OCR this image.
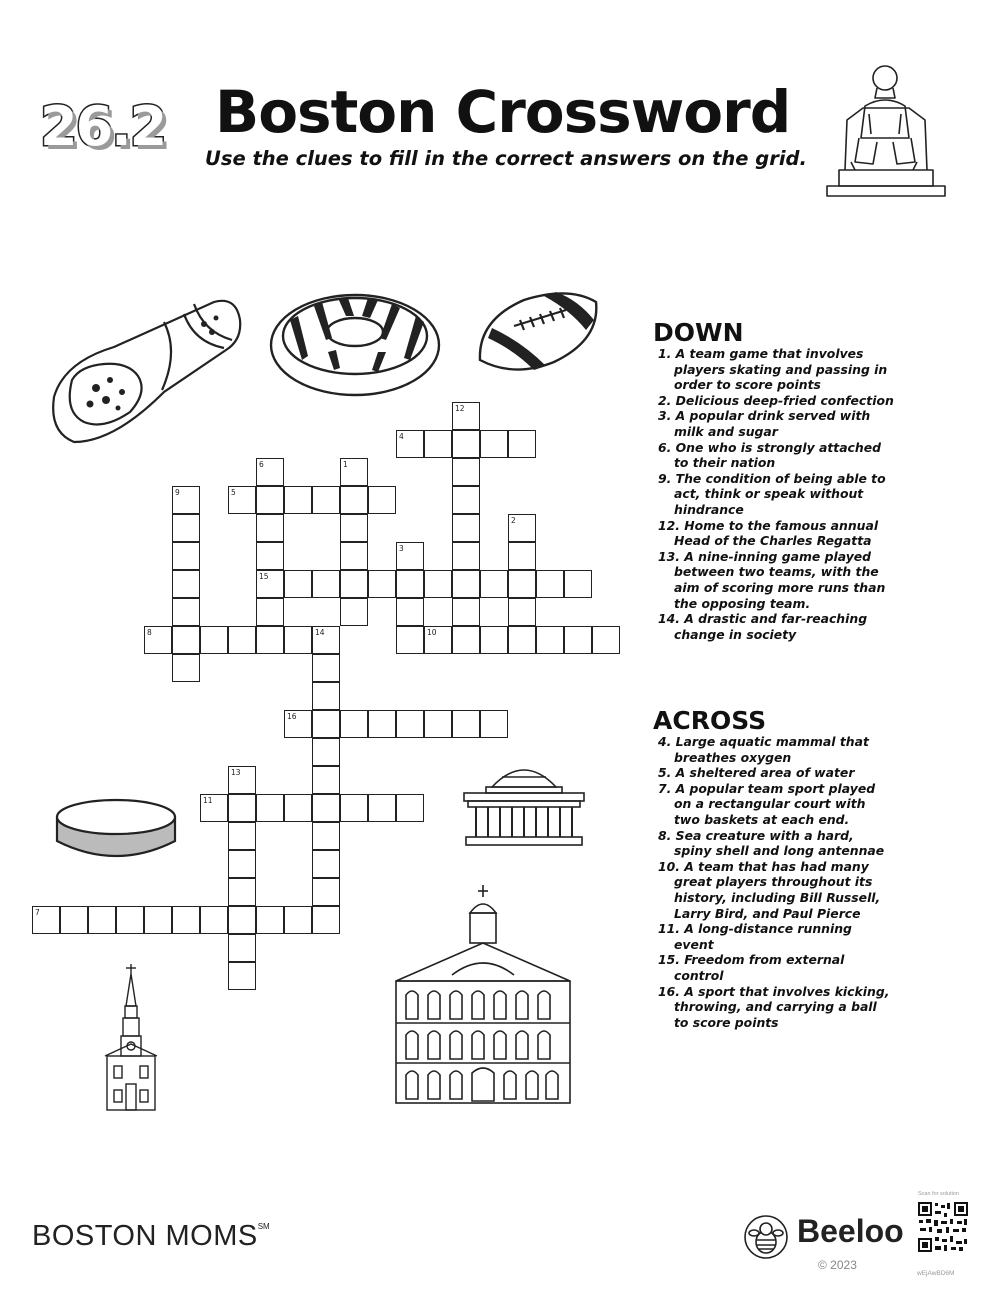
26.2 Boston Crossword
Use the clues to fill in the correct answers on the grid.
1
2
3
4
5
6
7
8
9
10
11
12
13
14
15
16
DOWN
1. A team game that involves players skating and passing in order to score points
2. Delicious deep-fried confection
3. A popular drink served with milk and sugar
6. One who is strongly attached to their nation
9. The condition of being able to act, think or speak without hindrance
12. Home to the famous annual Head of the Charles Regatta
13. A nine-inning game played between two teams, with the aim of scoring more runs than the opposing team.
14. A drastic and far-reaching change in society
ACROSS
4. Large aquatic mammal that breathes oxygen
5. A sheltered area of water
7. A popular team sport played on a rectangular court with two baskets at each end.
8. Sea creature with a hard, spiny shell and long antennae
10. A team that has had many great players throughout its history, including Bill Russell, Larry Bird, and Paul Pierce
11. A long-distance running event
15. Freedom from external control
16. A sport that involves kicking, throwing, and carrying a ball to score points
BOSTON MOMS℠	Beeloo
© 2023
Scan for solution
wEjAwBD6M
